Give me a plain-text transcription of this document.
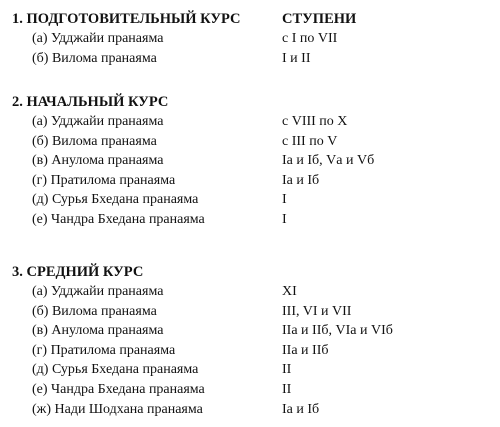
1. ПОДГОТОВИТЕЛЬНЫЙ КУРС	СТУПЕНИ
(а) Удджайи пранаяма	с I по VII
(б) Вилома пранаяма	I и II
2. НАЧАЛЬНЫЙ КУРС
(а) Удджайи пранаяма	с VIII по X
(б) Вилома пранаяма	с III по V
(в) Анулома пранаяма	Iа и Iб, Vа и Vб
(г) Пратилома пранаяма	Iа и Iб
(д) Сурья Бхедана пранаяма	I
(е) Чандра Бхедана пранаяма	I
3. СРЕДНИЙ КУРС
(а) Удджайи пранаяма	XI
(б) Вилома пранаяма	III, VI и VII
(в) Анулома пранаяма	IIа и IIб, VIа и VIб
(г) Пратилома пранаяма	IIа и IIб
(д) Сурья Бхедана пранаяма	II
(е) Чандра Бхедана пранаяма	II
(ж) Нади Шодхана пранаяма	Iа и Iб
